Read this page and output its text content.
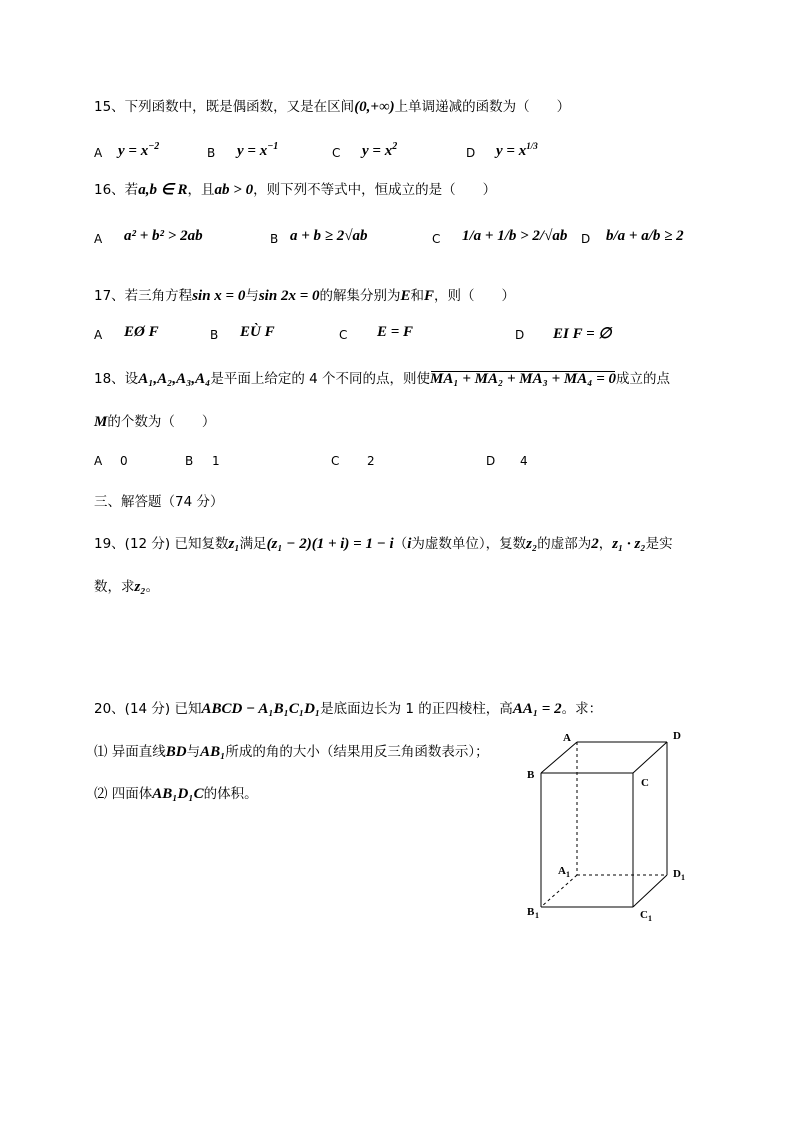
15、下列函数中，既是偶函数，又是在区间(0,+∞)上单调递减的函数为（　　）
A $y = x^{-2}$	B $y = x^{-1}$	C $y = x^2$	D $y = x^{1/3}$
16、若a,b ∈ R，且ab > 0，则下列不等式中，恒成立的是（　　）
A a² + b² > 2ab	B a + b ≥ 2√ab	C 1/a + 1/b > 2/√ab D b/a + a/b ≥ 2
17、若三角方程sin x = 0与sin 2x = 0的解集分别为E和F，则（　　）
A EØ F	B EÙ F	C E = F	D EI F = ∅
18、设A₁,A₂,A₃,A₄是平面上给定的 4 个不同的点，则使MA₁ + MA₂ + MA₃ + MA₄ = 0成立的点
M的个数为（　　）
A 0	B 1	C 2	D 4
三、解答题（74 分）
19、(12 分) 已知复数z₁满足(z₁ − 2)(1 + i) = 1 − i（i为虚数单位），复数z₂的虚部为2，z₁ · z₂是实
数，求z₂。
20、(14 分) 已知ABCD − A₁B₁C₁D₁是底面边长为 1 的正四棱柱，高AA₁ = 2。求：
⑴ 异面直线BD与AB₁所成的角的大小（结果用反三角函数表示）；
⑵ 四面体AB₁D₁C的体积。
A	D
B
C
A 1	D 1
B 1	C 1
